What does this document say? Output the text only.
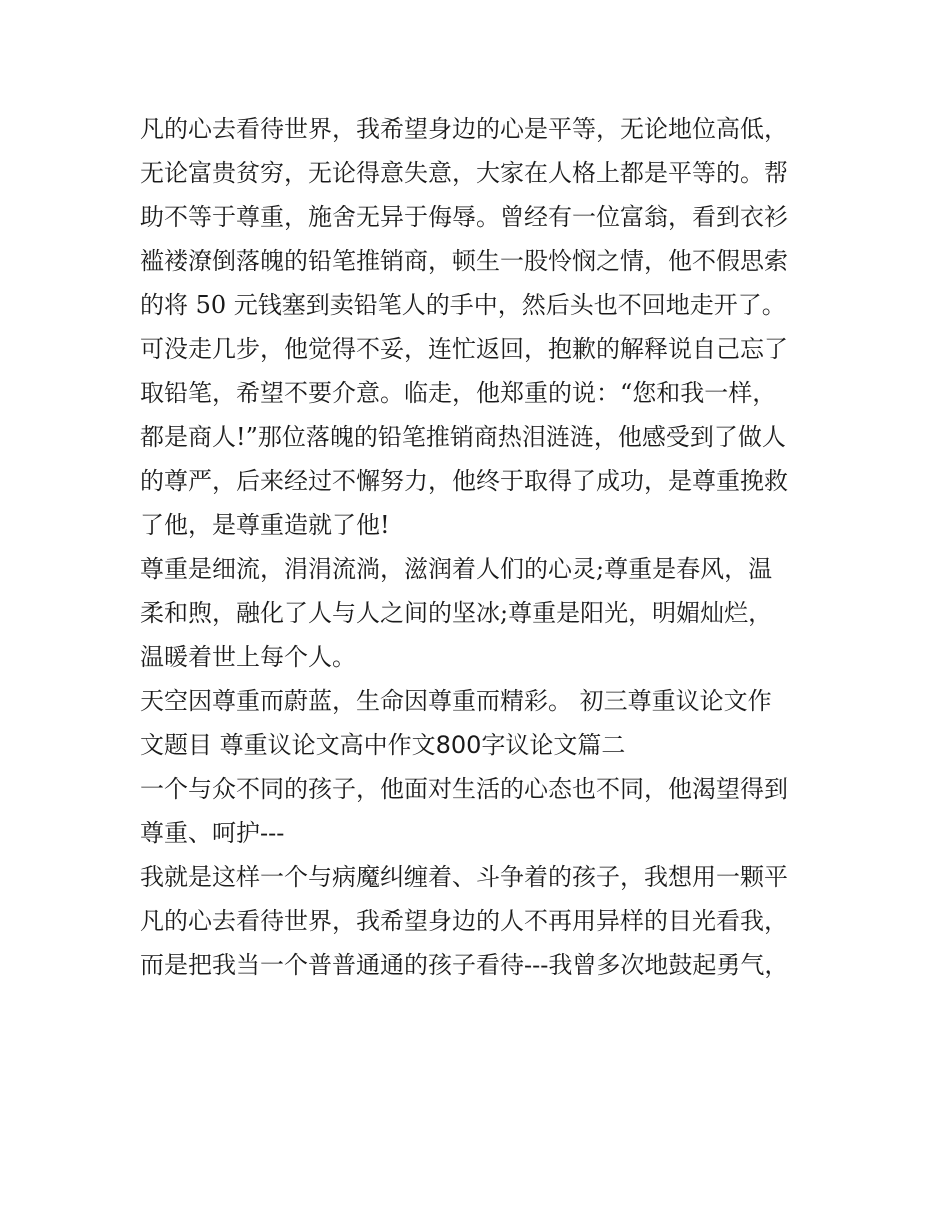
凡的心去看待世界，我希望身边的心是平等，无论地位高低，
无论富贵贫穷，无论得意失意，大家在人格上都是平等的。帮
助不等于尊重，施舍无异于侮辱。曾经有一位富翁，看到衣衫
褴褛潦倒落魄的铅笔推销商，顿生一股怜悯之情，他不假思索
的将 50 元钱塞到卖铅笔人的手中，然后头也不回地走开了。
可没走几步，他觉得不妥，连忙返回，抱歉的解释说自己忘了
取铅笔，希望不要介意。临走，他郑重的说：“您和我一样，
都是商人!”那位落魄的铅笔推销商热泪涟涟，他感受到了做人
的尊严，后来经过不懈努力，他终于取得了成功，是尊重挽救
了他，是尊重造就了他!
尊重是细流，涓涓流淌，滋润着人们的心灵;尊重是春风，温
柔和煦，融化了人与人之间的坚冰;尊重是阳光，明媚灿烂，
温暖着世上每个人。
天空因尊重而蔚蓝，生命因尊重而精彩。 初三尊重议论文作
文题目 尊重议论文高中作文800字议论文篇二
一个与众不同的孩子，他面对生活的心态也不同，他渴望得到
尊重、呵护---
我就是这样一个与病魔纠缠着、斗争着的孩子，我想用一颗平
凡的心去看待世界，我希望身边的人不再用异样的目光看我，
而是把我当一个普普通通的孩子看待---我曾多次地鼓起勇气，
